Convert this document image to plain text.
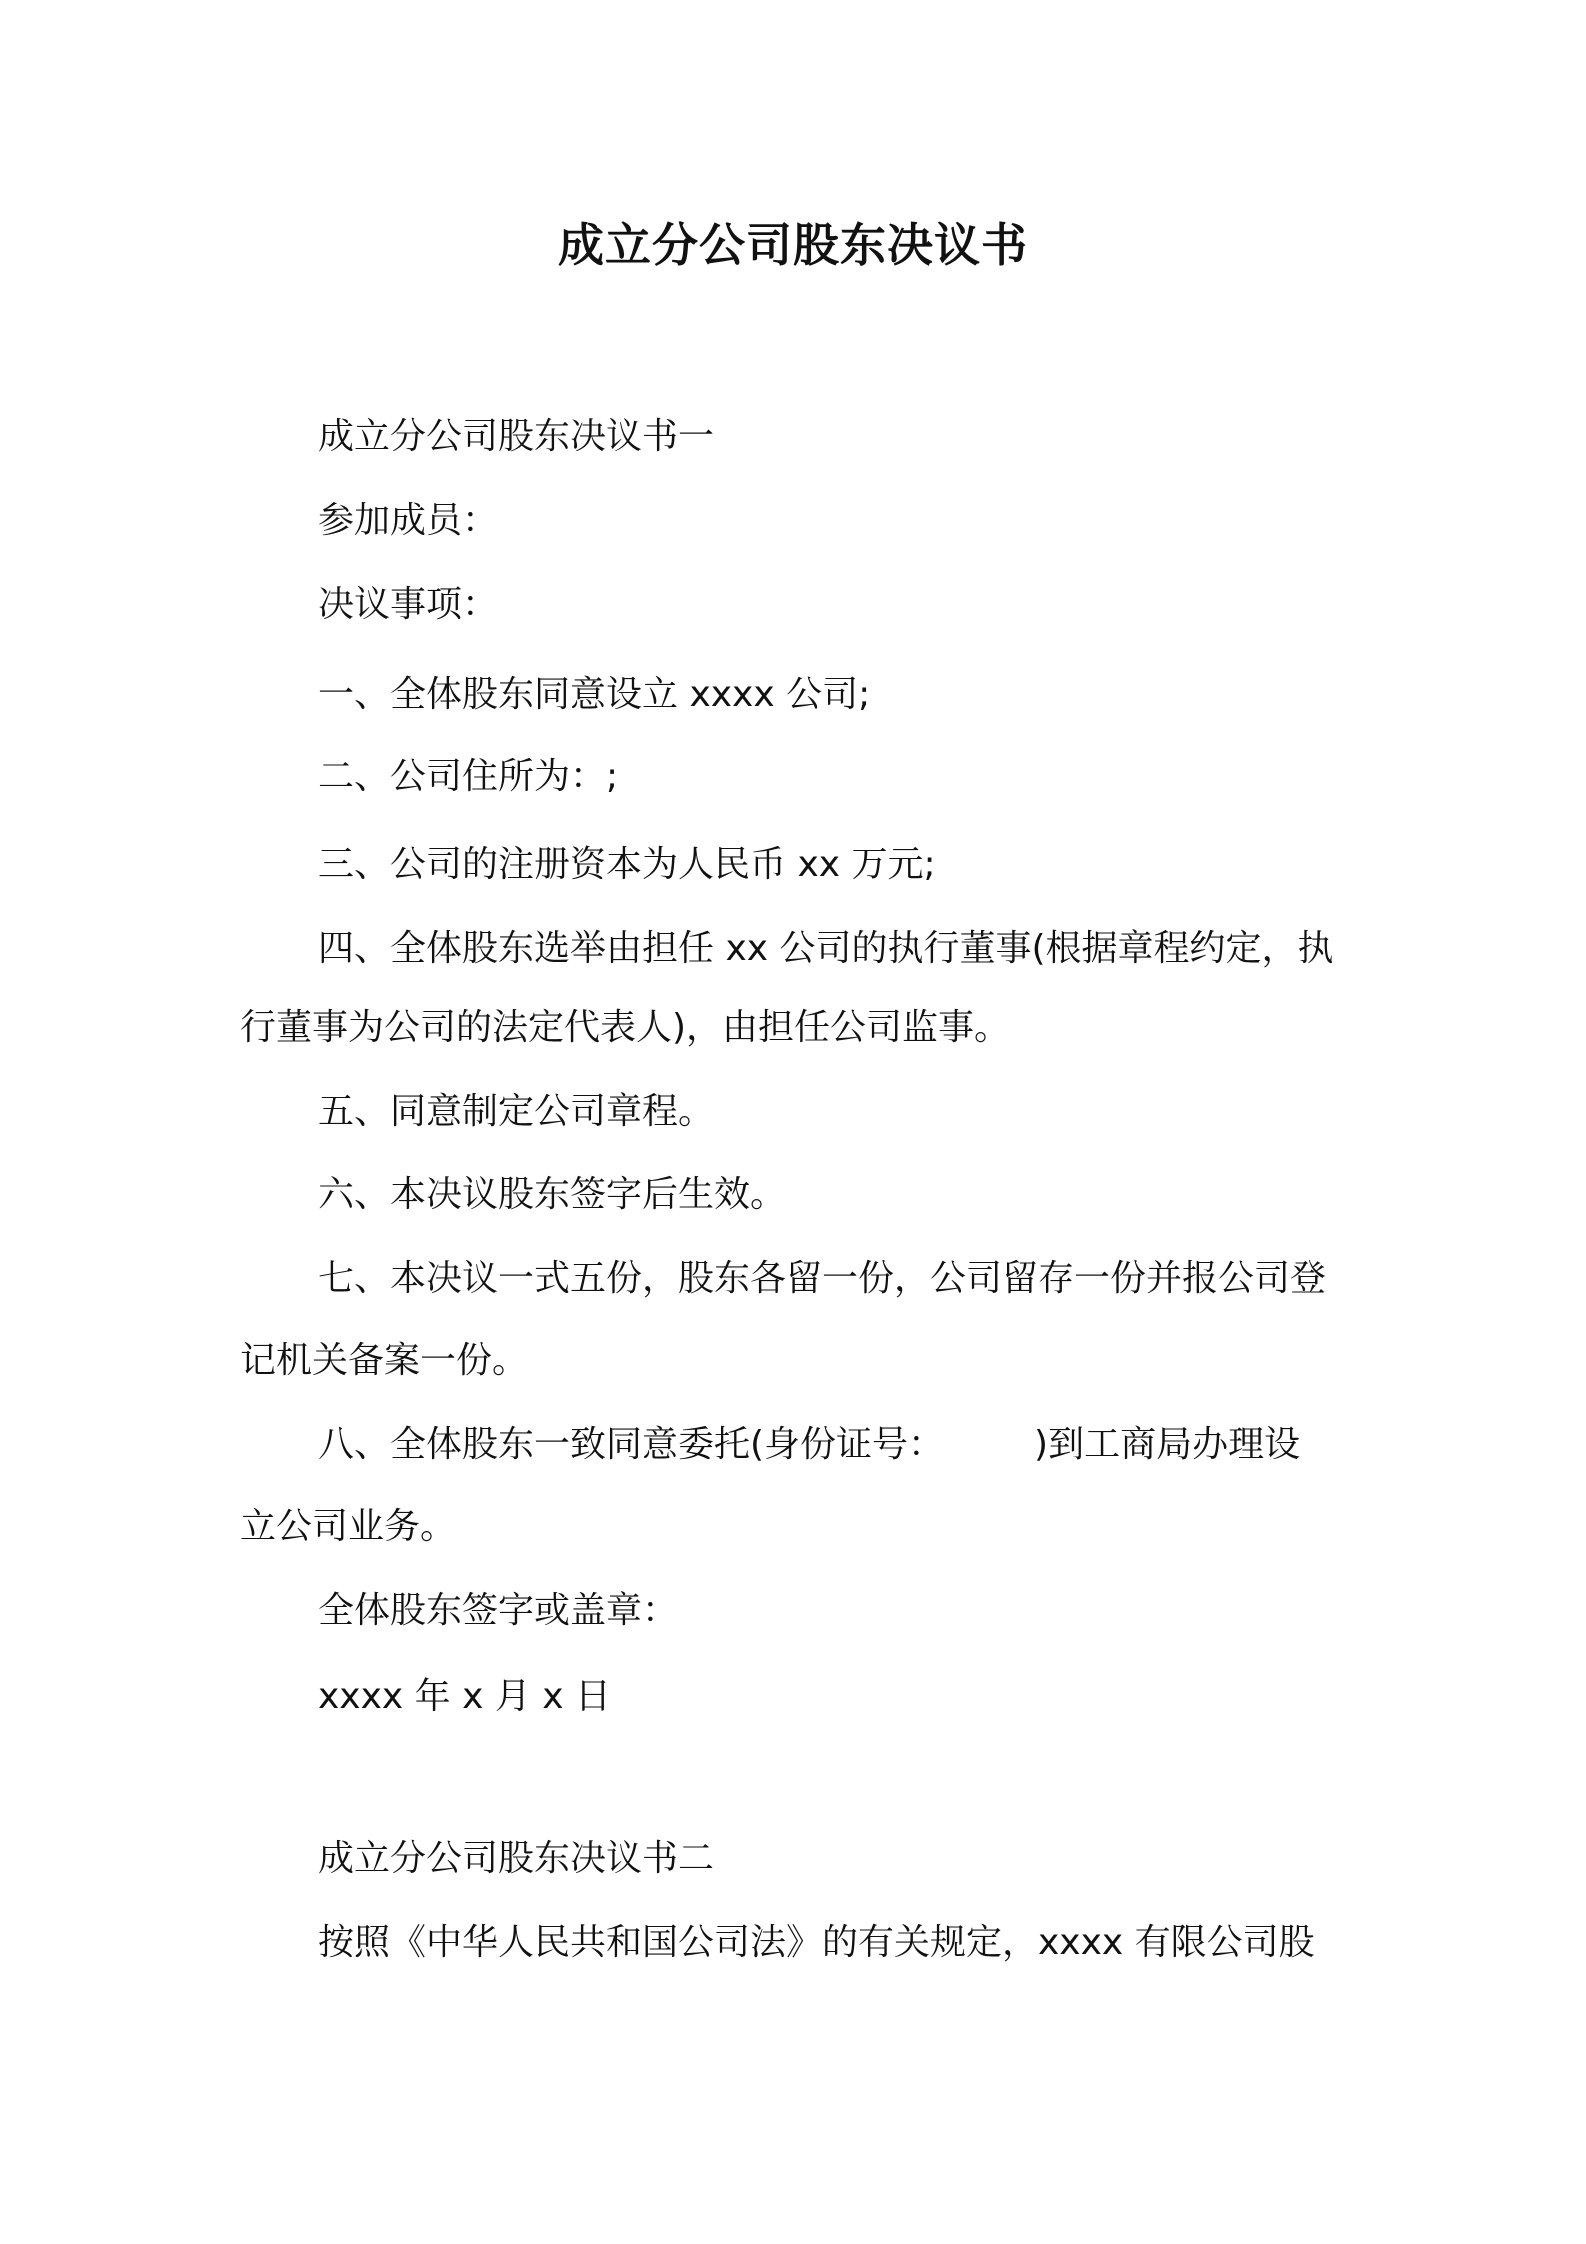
成立分公司股东决议书
成立分公司股东决议书一
参加成员：
决议事项：
一、全体股东同意设立 xxxx 公司;
二、公司住所为：;
三、公司的注册资本为人民币 xx 万元;
四、全体股东选举由担任 xx 公司的执行董事(根据章程约定，执
行董事为公司的法定代表人)，由担任公司监事。
五、同意制定公司章程。
六、本决议股东签字后生效。
七、本决议一式五份，股东各留一份，公司留存一份并报公司登
记机关备案一份。
八、全体股东一致同意委托(身份证号：　　　)到工商局办理设
立公司业务。
全体股东签字或盖章：
xxxx 年 x 月 x 日
成立分公司股东决议书二
按照《中华人民共和国公司法》的有关规定，xxxx 有限公司股
